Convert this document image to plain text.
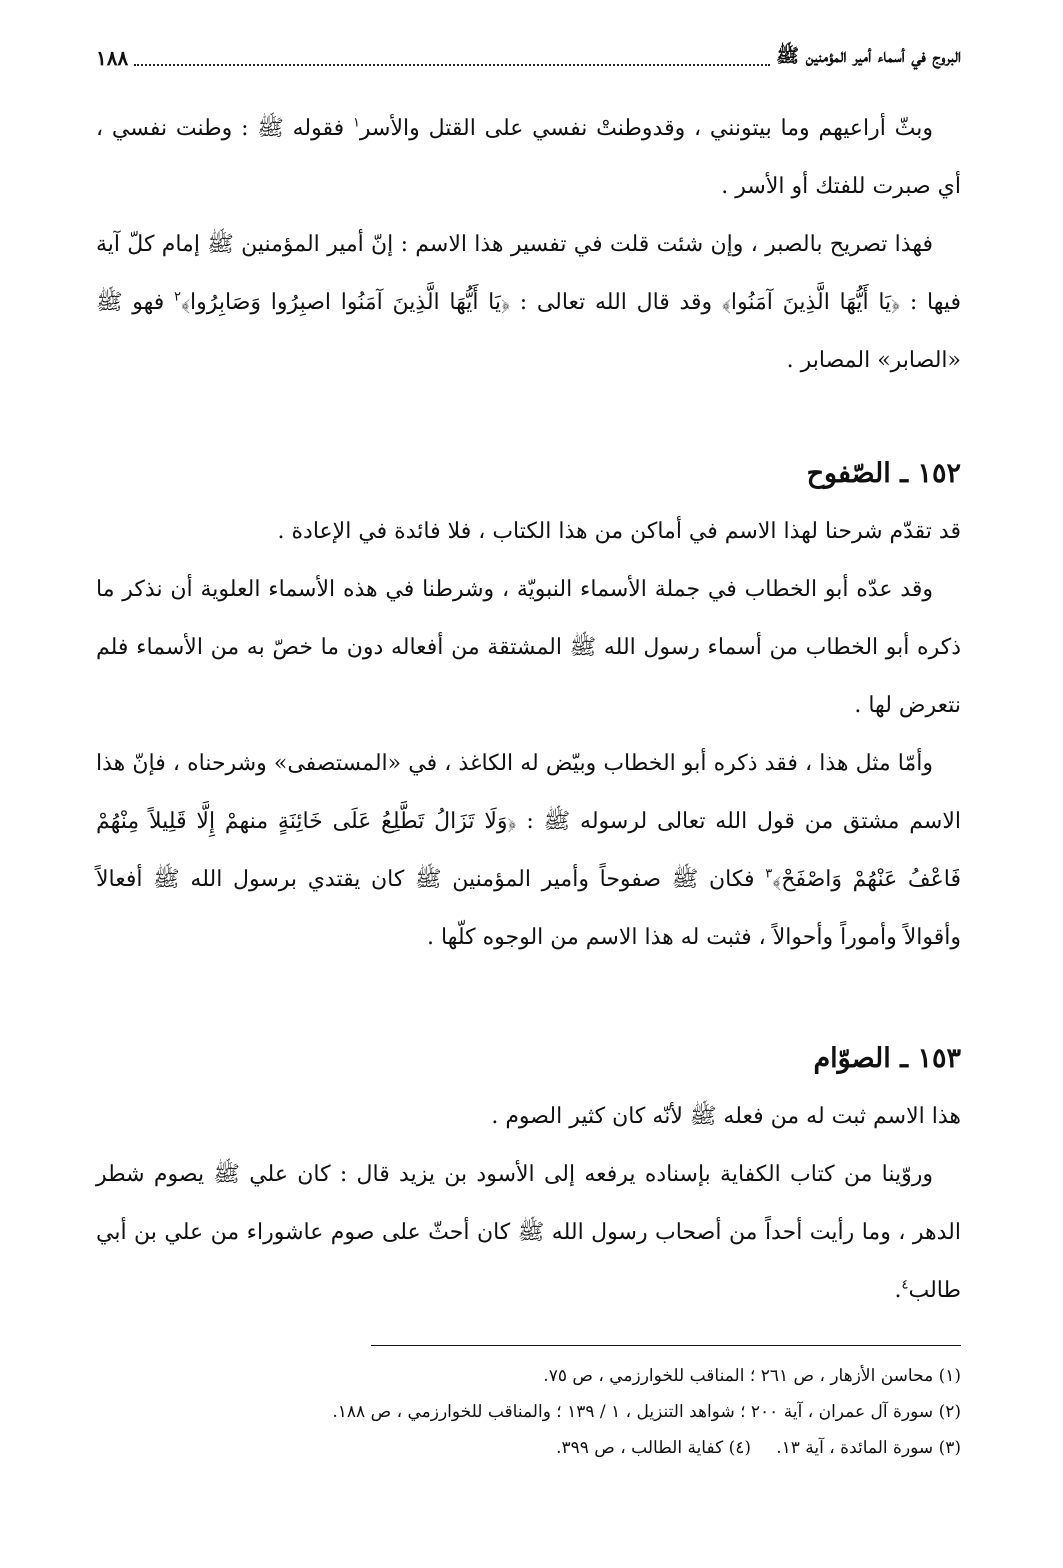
١٨٨	البروج في أسماء أمير المؤمنين ﷺ

وبثّ أراعيهم وما بيتونني ، وقدوطنتْ نفسي على القتل والأسر$^١$ فقوله ﷺ : وطنت نفسي ، أي صبرت للفتك أو الأسر .

فهذا تصريح بالصبر ، وإن شئت قلت في تفسير هذا الاسم : إنّ أمير المؤمنين ﷺ إمام كلّ آية فيها : ﴿يَا أَيُّهَا الَّذِينَ آمَنُوا﴾ وقد قال الله تعالى : ﴿يَا أَيُّهَا الَّذِينَ آمَنُوا اصبِرُوا وَصَابِرُوا﴾$^٢$ فهو ﷺ «الصابر» المصابر .

١٥٢ ـ الصّفوح

قد تقدّم شرحنا لهذا الاسم في أماكن من هذا الكتاب ، فلا فائدة في الإعادة .

وقد عدّه أبو الخطاب في جملة الأسماء النبويّة ، وشرطنا في هذه الأسماء العلوية أن نذكر ما ذكره أبو الخطاب من أسماء رسول الله ﷺ المشتقة من أفعاله دون ما خصّ به من الأسماء فلم نتعرض لها .

وأمّا مثل هذا ، فقد ذكره أبو الخطاب وبيّض له الكاغذ ، في «المستصفى» وشرحناه ، فإنّ هذا الاسم مشتق من قول الله تعالى لرسوله ﷺ : ﴿وَلَا تَزَالُ تَطَّلِعُ عَلَى خَائِنَةٍ منهمْ إِلَّا قَلِيلاً مِنْهُمْ فَاعْفُ عَنْهُمْ وَاصْفَحْ﴾$^٣$ فكان ﷺ صفوحاً وأمير المؤمنين ﷺ كان يقتدي برسول الله ﷺ أفعالاً وأقوالاً وأموراً وأحوالاً ، فثبت له هذا الاسم من الوجوه كلّها .

١٥٣ ـ الصوّام

هذا الاسم ثبت له من فعله ﷺ لأنّه كان كثير الصوم .

وروّينا من كتاب الكفاية بإسناده يرفعه إلى الأسود بن يزيد قال : كان علي ﷺ يصوم شطر الدهر ، وما رأيت أحداً من أصحاب رسول الله ﷺ كان أحثّ على صوم عاشوراء من علي بن أبي طالب$^٤$.

(١) محاسن الأزهار ، ص ٢٦١ ؛ المناقب للخوارزمي ، ص ٧٥.

(٢) سورة آل عمران ، آية ٢٠٠ ؛ شواهد التنزيل ، ١ / ١٣٩ ؛ والمناقب للخوارزمي ، ص ١٨٨.

(٣) سورة المائدة ، آية ١٣.
(٤) كفاية الطالب ، ص ٣٩٩.
